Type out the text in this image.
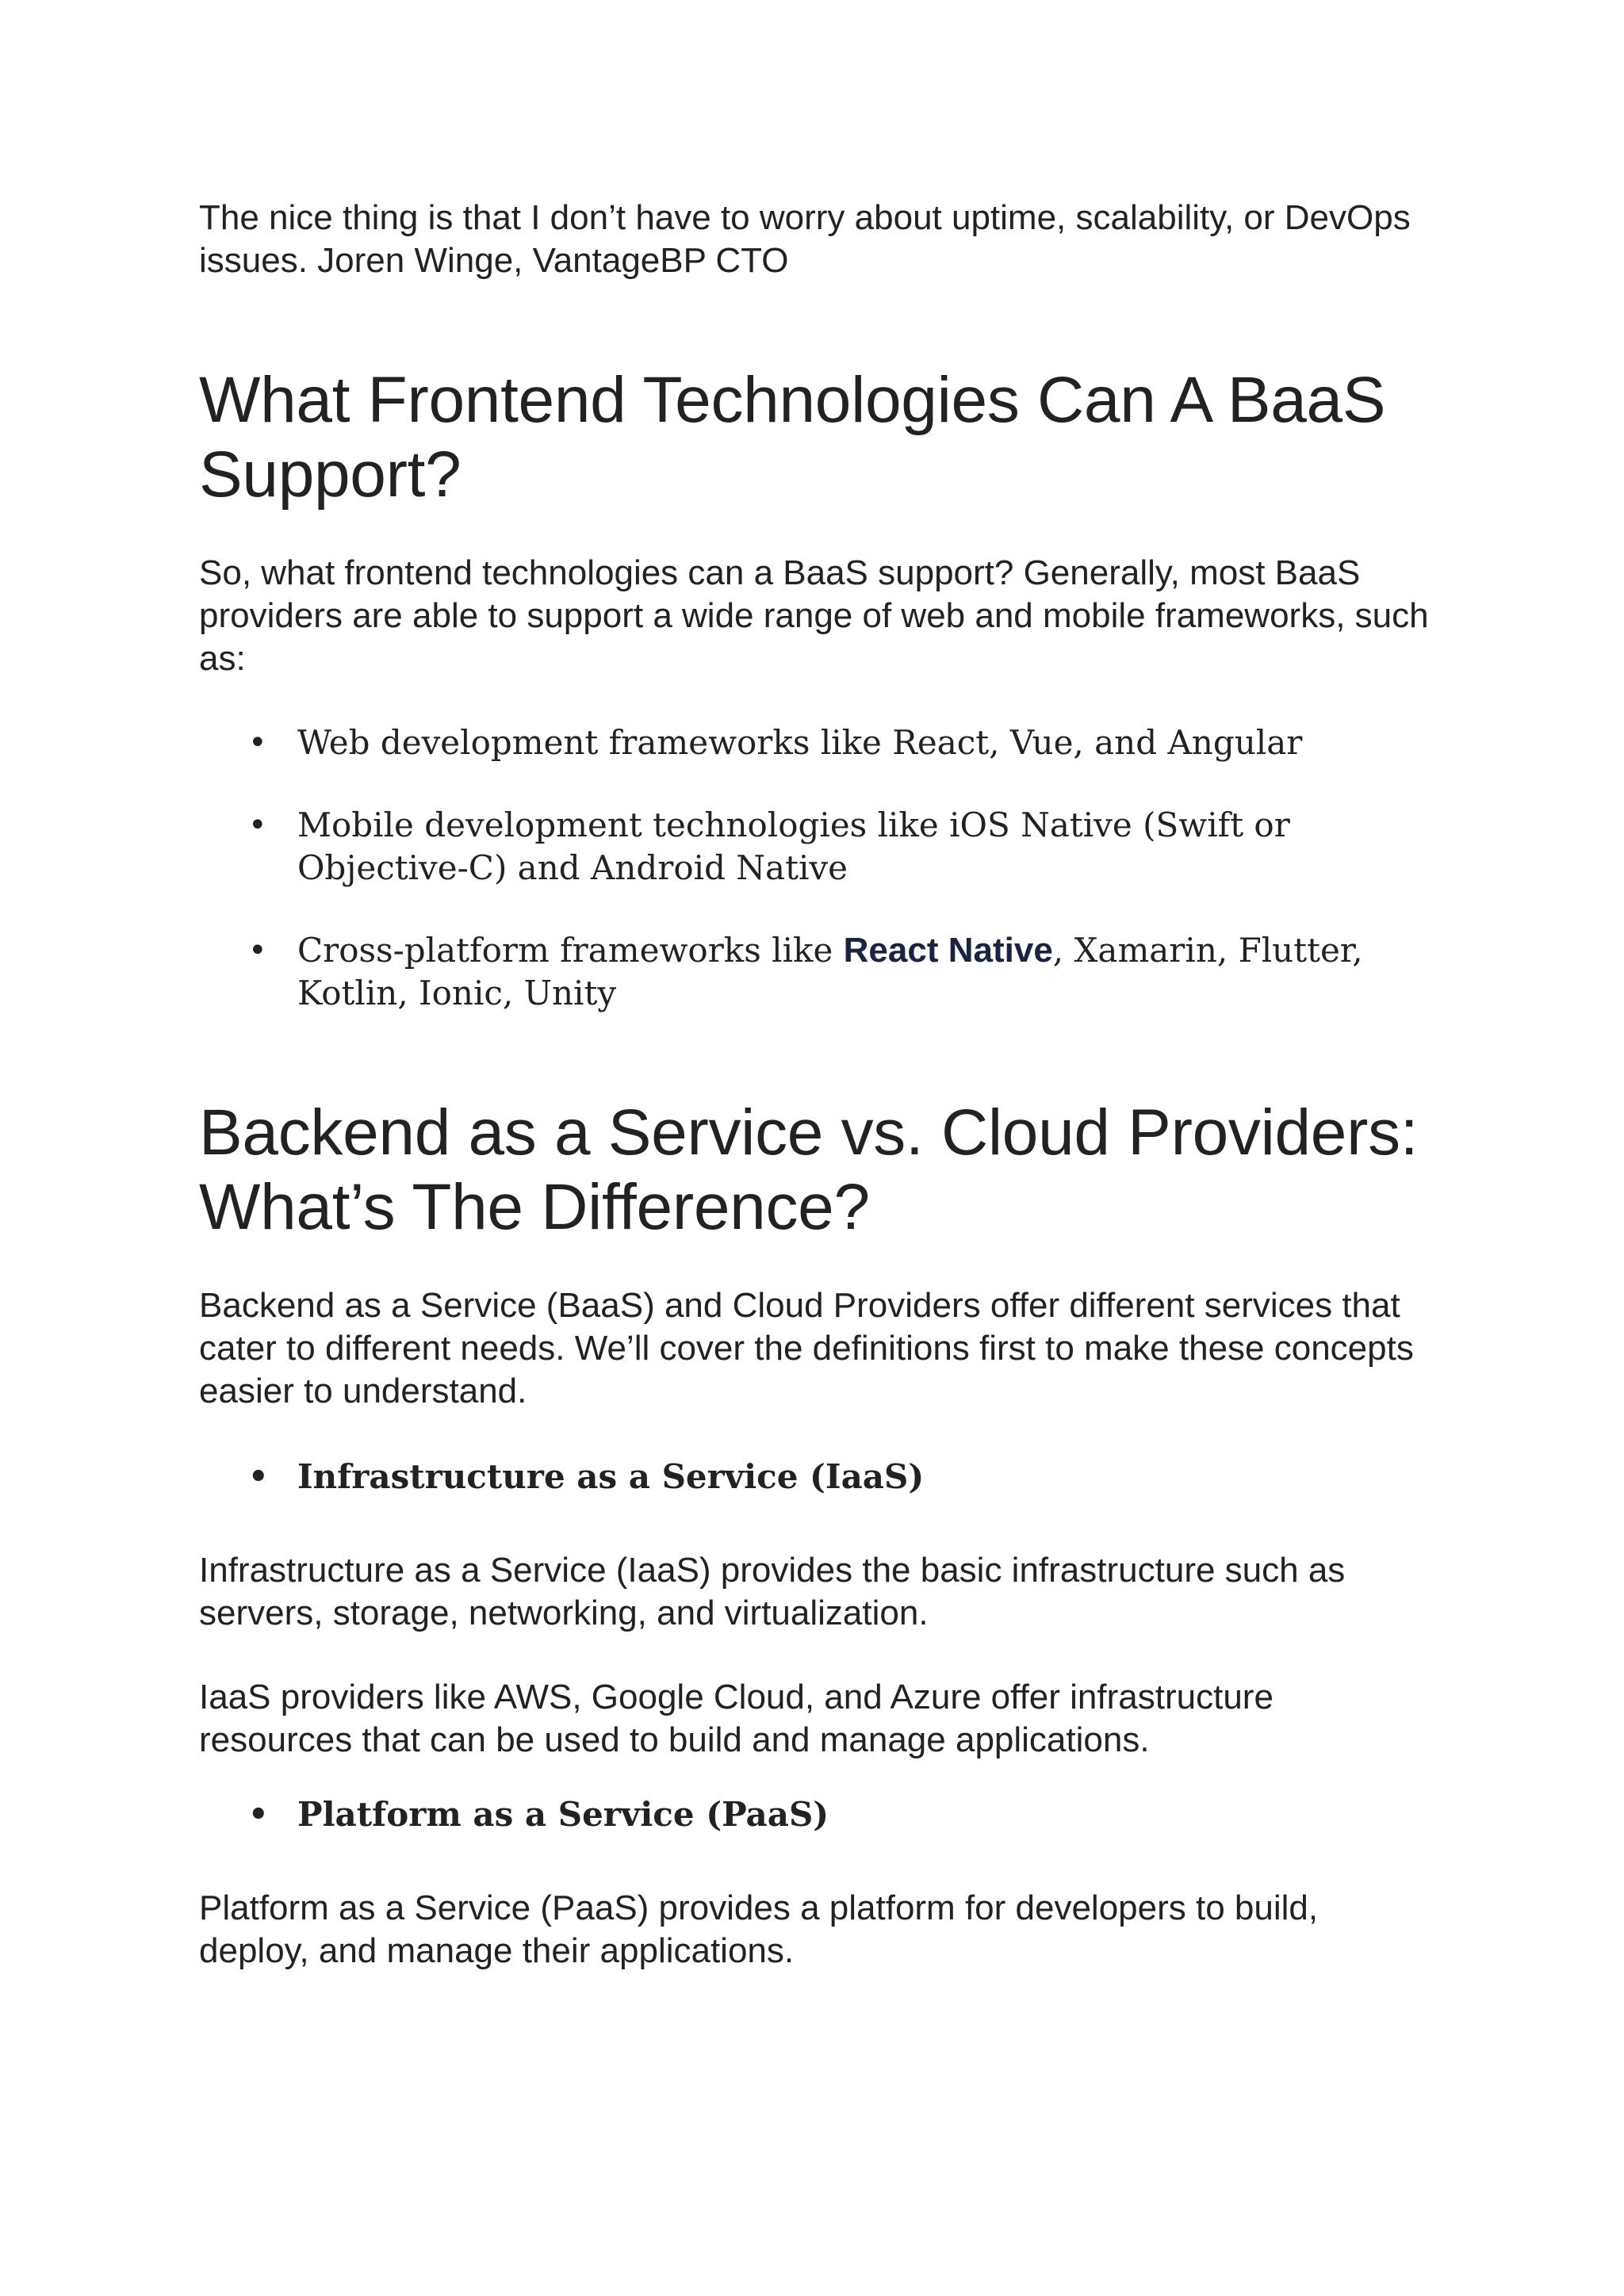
The nice thing is that I don’t have to worry about uptime, scalability, or DevOps issues. Joren Winge, VantageBP CTO

What Frontend Technologies Can A BaaS Support?

So, what frontend technologies can a BaaS support? Generally, most BaaS providers are able to support a wide range of web and mobile frameworks, such as:

• Web development frameworks like React, Vue, and Angular
• Mobile development technologies like iOS Native (Swift or Objective-C) and Android Native
• Cross-platform frameworks like React Native, Xamarin, Flutter, Kotlin, Ionic, Unity
Backend as a Service vs. Cloud Providers: What’s The Difference?

Backend as a Service (BaaS) and Cloud Providers offer different services that cater to different needs. We’ll cover the definitions first to make these concepts easier to understand.

• Infrastructure as a Service (IaaS)

Infrastructure as a Service (IaaS) provides the basic infrastructure such as servers, storage, networking, and virtualization.

IaaS providers like AWS, Google Cloud, and Azure offer infrastructure resources that can be used to build and manage applications.

• Platform as a Service (PaaS)

Platform as a Service (PaaS) provides a platform for developers to build, deploy, and manage their applications.
